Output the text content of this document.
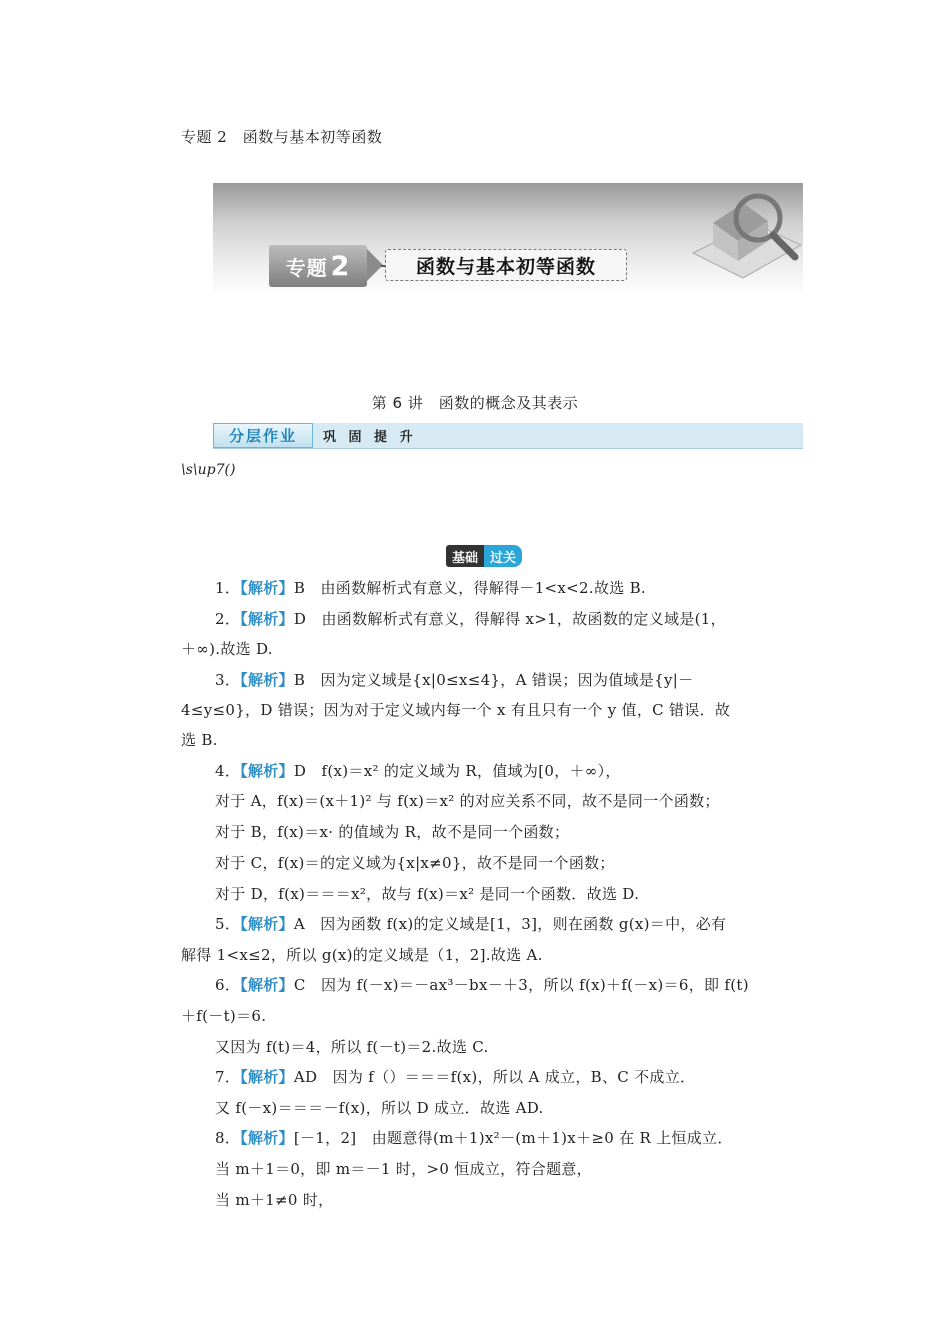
专题 2　函数与基本初等函数
专题 2	函数与基本初等函数
第 6 讲　函数的概念及其表示
分层作业	巩 固 提 升
\s\up7()
基础 过关
1．【解析】B　由函数解析式有意义，得解得－1<x<2.故选 B.
2．【解析】D　由函数解析式有意义，得解得 x>1，故函数的定义域是(1，
＋∞).故选 D.
3．【解析】B　因为定义域是{x|0≤x≤4}，A 错误；因为值域是{y|－
4≤y≤0}，D 错误；因为对于定义域内每一个 x 有且只有一个 y 值，C 错误．故
选 B.
4．【解析】D　f(x)＝x² 的定义域为 R，值域为[0，＋∞），
对于 A，f(x)＝(x＋1)² 与 f(x)＝x² 的对应关系不同，故不是同一个函数；
对于 B，f(x)＝x· 的值域为 R，故不是同一个函数；
对于 C，f(x)＝的定义域为{x|x≠0}，故不是同一个函数；
对于 D，f(x)＝＝＝x²，故与 f(x)＝x² 是同一个函数．故选 D.
5．【解析】A　因为函数 f(x)的定义域是[1，3]，则在函数 g(x)＝中，必有
解得 1<x≤2，所以 g(x)的定义域是（1，2].故选 A.
6．【解析】C　因为 f(－x)＝－ax³－bx－＋3，所以 f(x)＋f(－x)＝6，即 f(t)
＋f(－t)＝6.
又因为 f(t)＝4，所以 f(－t)＝2.故选 C.
7．【解析】AD　因为 f（）＝＝＝f(x)，所以 A 成立，B、C 不成立．
又 f(－x)＝＝＝－f(x)，所以 D 成立．故选 AD.
8．【解析】[－1，2]　由题意得(m＋1)x²－(m＋1)x＋≥0 在 R 上恒成立．
当 m＋1＝0，即 m＝－1 时，>0 恒成立，符合题意，
当 m＋1≠0 时，
